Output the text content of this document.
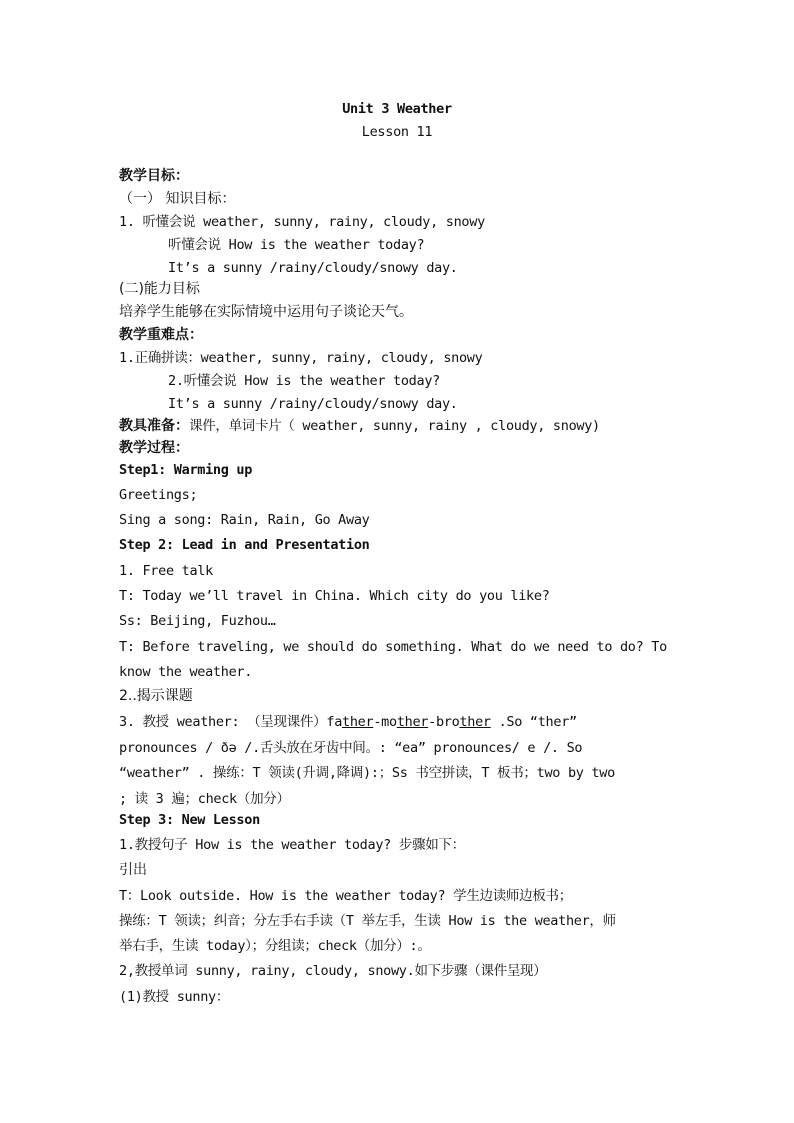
Unit 3 Weather
Lesson 11
教学目标：
（一） 知识目标：
1. 听懂会说 weather, sunny, rainy, cloudy, snowy
听懂会说 How is the weather today?
It’s a sunny /rainy/cloudy/snowy day.
(二)能力目标
培养学生能够在实际情境中运用句子谈论天气。
教学重难点：
1.正确拼读：weather, sunny, rainy, cloudy, snowy
2.听懂会说 How is the weather today?
It’s a sunny /rainy/cloudy/snowy day.
教具准备：课件，单词卡片（ weather, sunny, rainy , cloudy, snowy)
教学过程：
Step1: Warming up
Greetings;
Sing a song: Rain, Rain, Go Away
Step 2: Lead in and Presentation
1. Free talk
T: Today we’ll travel in China. Which city do you like?
Ss: Beijing, Fuzhou…
T: Before traveling, we should do something. What do we need to do? To
know the weather.
2..揭示课题
3. 教授 weather: （呈现课件）father-mother-brother .So “ther”
pronounces / ðə /.舌头放在牙齿中间。: “ea” pronounces/ e /. So
“weather” . 操练：T 领读(升调,降调):；Ss 书空拼读，T 板书；two by two
; 读 3 遍；check（加分）
Step 3: New Lesson
1.教授句子 How is the weather today? 步骤如下：
引出
T：Look outside. How is the weather today? 学生边读师边板书；
操练：T 领读；纠音；分左手右手读（T 举左手，生读 How is the weather，师
举右手，生读 today）；分组读；check（加分）:。
2,教授单词 sunny, rainy, cloudy, snowy.如下步骤（课件呈现）
(1)教授 sunny：
